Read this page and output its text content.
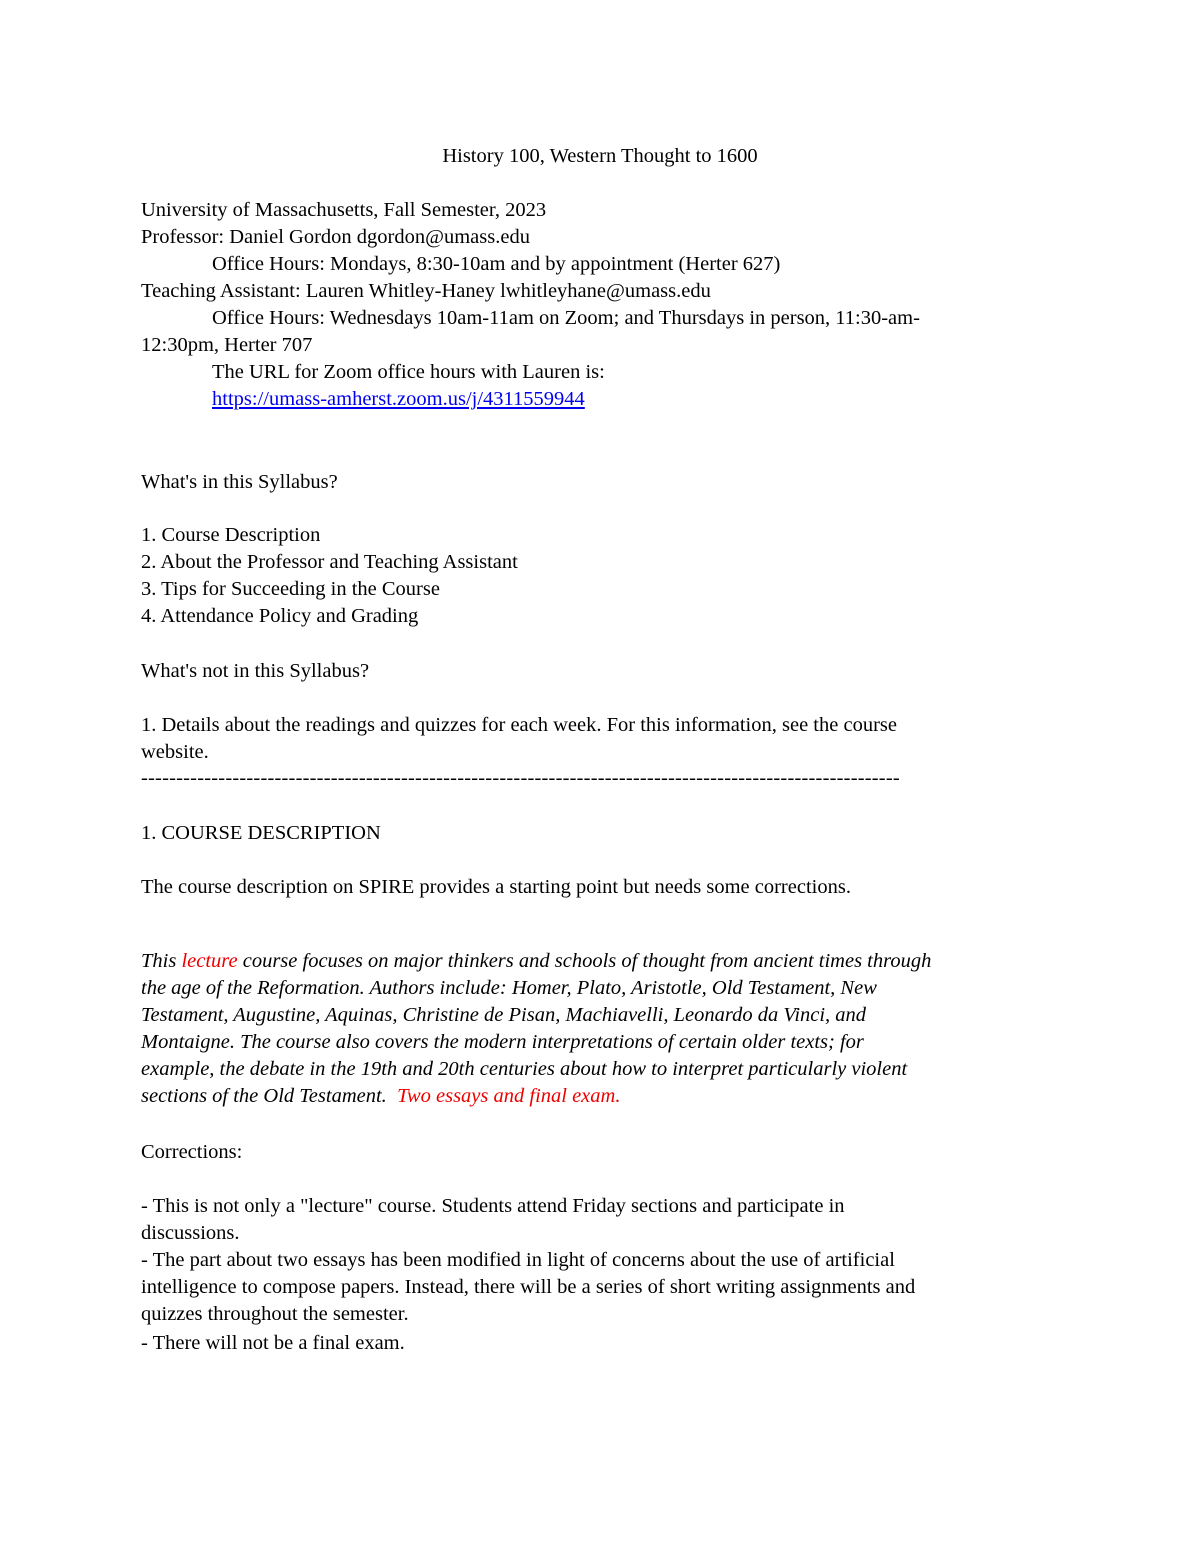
History 100, Western Thought to 1600
University of Massachusetts, Fall Semester, 2023
Professor: Daniel Gordon dgordon@umass.edu
Office Hours: Mondays, 8:30-10am and by appointment (Herter 627)
Teaching Assistant: Lauren Whitley-Haney lwhitleyhane@umass.edu
Office Hours: Wednesdays 10am-11am on Zoom; and Thursdays in person, 11:30-am-
12:30pm, Herter 707
The URL for Zoom office hours with Lauren is:
https://umass-amherst.zoom.us/j/4311559944
What's in this Syllabus?
1. Course Description
2. About the Professor and Teaching Assistant
3. Tips for Succeeding in the Course
4. Attendance Policy and Grading
What's not in this Syllabus?
1. Details about the readings and quizzes for each week. For this information, see the course
website.
------------------------------------------------------------------------------------------------------------
1. COURSE DESCRIPTION
The course description on SPIRE provides a starting point but needs some corrections.
This lecture course focuses on major thinkers and schools of thought from ancient times through
the age of the Reformation. Authors include: Homer, Plato, Aristotle, Old Testament, New
Testament, Augustine, Aquinas, Christine de Pisan, Machiavelli, Leonardo da Vinci, and
Montaigne. The course also covers the modern interpretations of certain older texts; for
example, the debate in the 19th and 20th centuries about how to interpret particularly violent
sections of the Old Testament.  Two essays and final exam.
Corrections:
- This is not only a "lecture" course. Students attend Friday sections and participate in
discussions.
- The part about two essays has been modified in light of concerns about the use of artificial
intelligence to compose papers. Instead, there will be a series of short writing assignments and
quizzes throughout the semester.
- There will not be a final exam.
